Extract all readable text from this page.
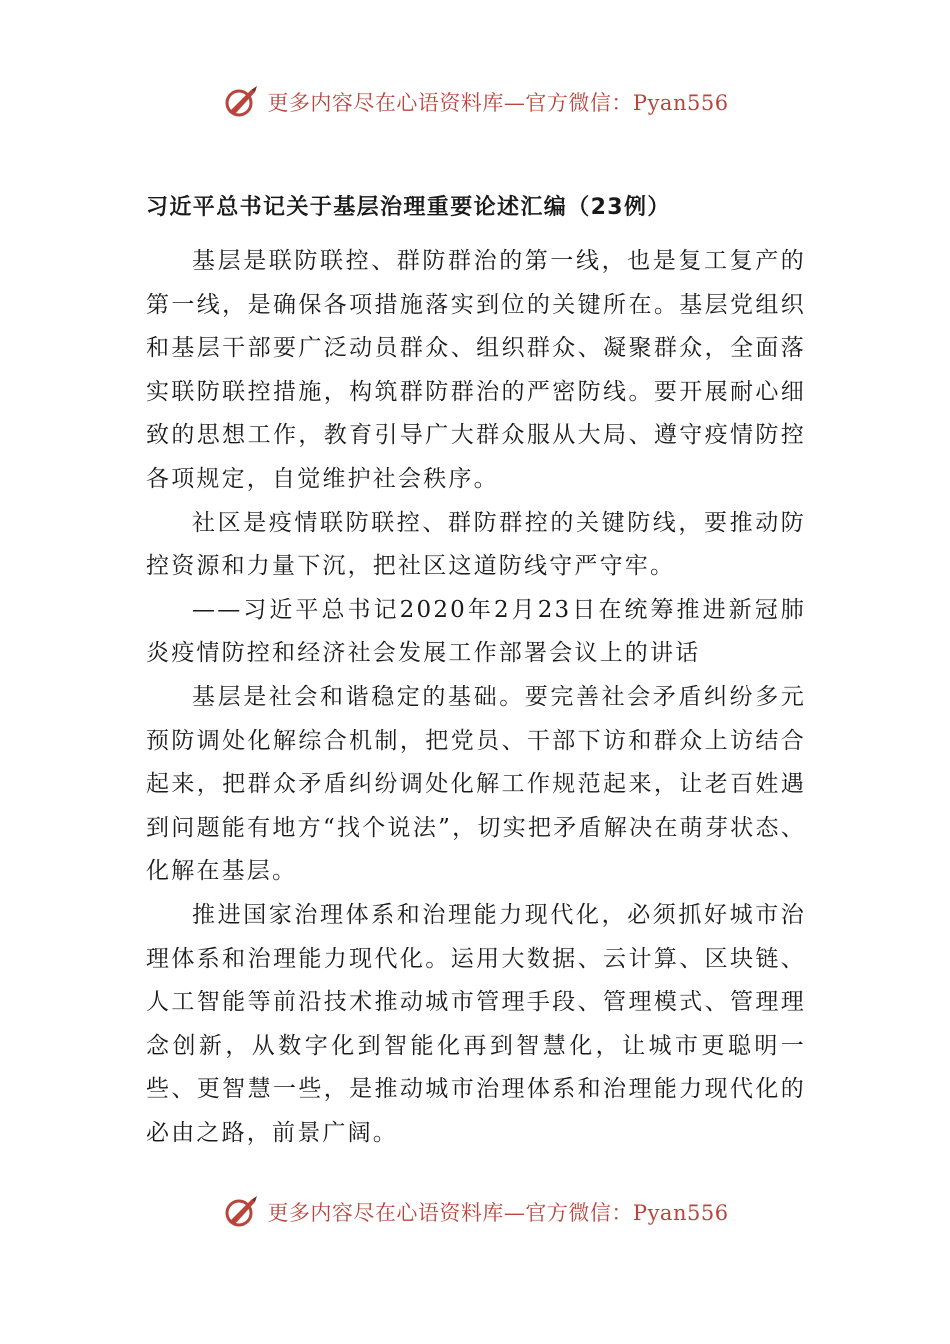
更多内容尽在心语资料库—官方微信：Pyan556
习近平总书记关于基层治理重要论述汇编（23例）

基层是联防联控、群防群治的第一线，也是复工复产的第一线，是确保各项措施落实到位的关键所在。基层党组织和基层干部要广泛动员群众、组织群众、凝聚群众，全面落实联防联控措施，构筑群防群治的严密防线。要开展耐心细致的思想工作，教育引导广大群众服从大局、遵守疫情防控各项规定，自觉维护社会秩序。

社区是疫情联防联控、群防群控的关键防线，要推动防控资源和力量下沉，把社区这道防线守严守牢。

——习近平总书记2020年2月23日在统筹推进新冠肺炎疫情防控和经济社会发展工作部署会议上的讲话

基层是社会和谐稳定的基础。要完善社会矛盾纠纷多元预防调处化解综合机制，把党员、干部下访和群众上访结合起来，把群众矛盾纠纷调处化解工作规范起来，让老百姓遇到问题能有地方“找个说法”，切实把矛盾解决在萌芽状态、化解在基层。

推进国家治理体系和治理能力现代化，必须抓好城市治理体系和治理能力现代化。运用大数据、云计算、区块链、人工智能等前沿技术推动城市管理手段、管理模式、管理理念创新，从数字化到智能化再到智慧化，让城市更聪明一些、更智慧一些，是推动城市治理体系和治理能力现代化的必由之路，前景广阔。

更多内容尽在心语资料库—官方微信：Pyan556
